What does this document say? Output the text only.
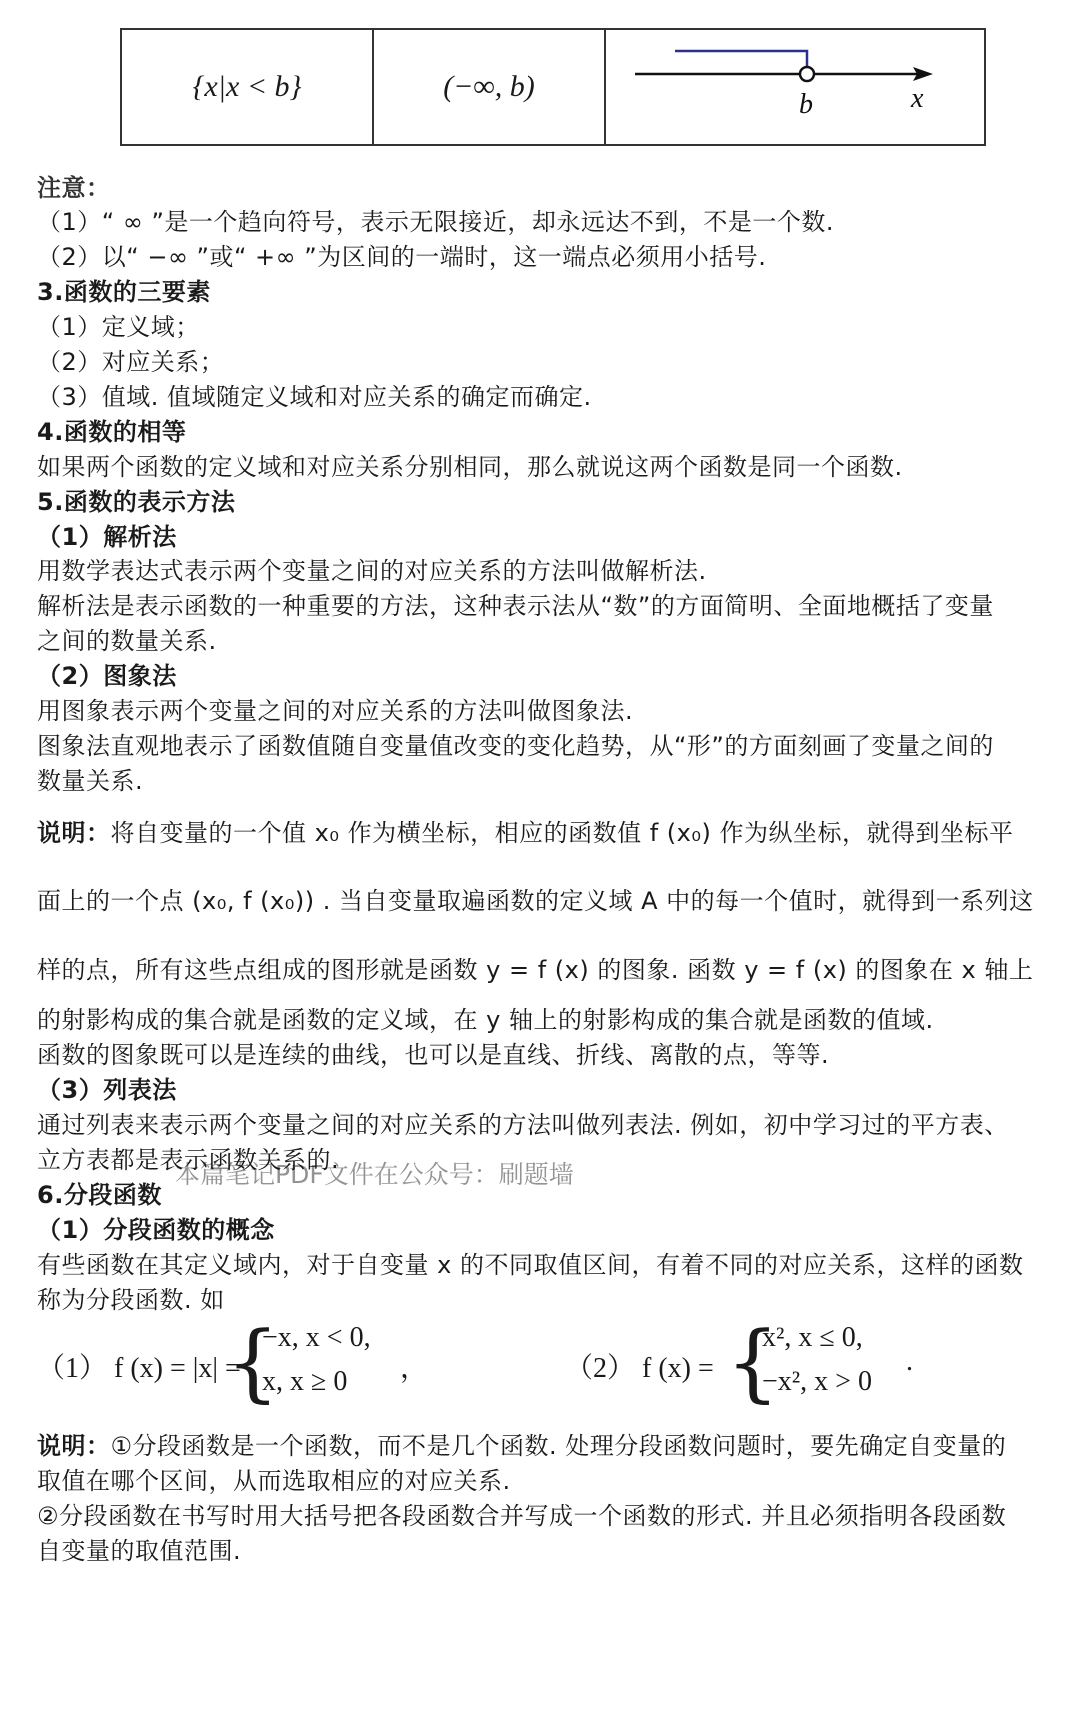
{x|x < b}	(−∞, b)	
b	x
注意：
（1）“ ∞ ”是一个趋向符号，表示无限接近，却永远达不到，不是一个数.
（2）以“ −∞ ”或“ +∞ ”为区间的一端时，这一端点必须用小括号.
3.函数的三要素
（1）定义域；
（2）对应关系；
（3）值域. 值域随定义域和对应关系的确定而确定.
4.函数的相等
如果两个函数的定义域和对应关系分别相同，那么就说这两个函数是同一个函数.
5.函数的表示方法
（1）解析法
用数学表达式表示两个变量之间的对应关系的方法叫做解析法.
解析法是表示函数的一种重要的方法，这种表示法从“数”的方面简明、全面地概括了变量
之间的数量关系.
（2）图象法
用图象表示两个变量之间的对应关系的方法叫做图象法.
图象法直观地表示了函数值随自变量值改变的变化趋势，从“形”的方面刻画了变量之间的
数量关系.
说明：将自变量的一个值 x₀ 作为横坐标，相应的函数值 f (x₀) 作为纵坐标，就得到坐标平
面上的一个点 (x₀, f (x₀)) . 当自变量取遍函数的定义域 A 中的每一个值时，就得到一系列这
样的点，所有这些点组成的图形就是函数 y = f (x) 的图象. 函数 y = f (x) 的图象在 x 轴上
的射影构成的集合就是函数的定义域，在 y 轴上的射影构成的集合就是函数的值域.
函数的图象既可以是连续的曲线，也可以是直线、折线、离散的点，等等.
本篇笔记PDF文件在公众号：刷题墙
（3）列表法
通过列表来表示两个变量之间的对应关系的方法叫做列表法. 例如，初中学习过的平方表、
立方表都是表示函数关系的.
6.分段函数
（1）分段函数的概念
有些函数在其定义域内，对于自变量 x 的不同取值区间，有着不同的对应关系，这样的函数
称为分段函数. 如
（1） f (x) = |x| =
{
−x, x < 0,
x, x ≥ 0 ，	（2） f (x) = {
x², x ≤ 0,
−x², x > 0
.
说明：①分段函数是一个函数，而不是几个函数. 处理分段函数问题时，要先确定自变量的
取值在哪个区间，从而选取相应的对应关系.
②分段函数在书写时用大括号把各段函数合并写成一个函数的形式. 并且必须指明各段函数
自变量的取值范围.
